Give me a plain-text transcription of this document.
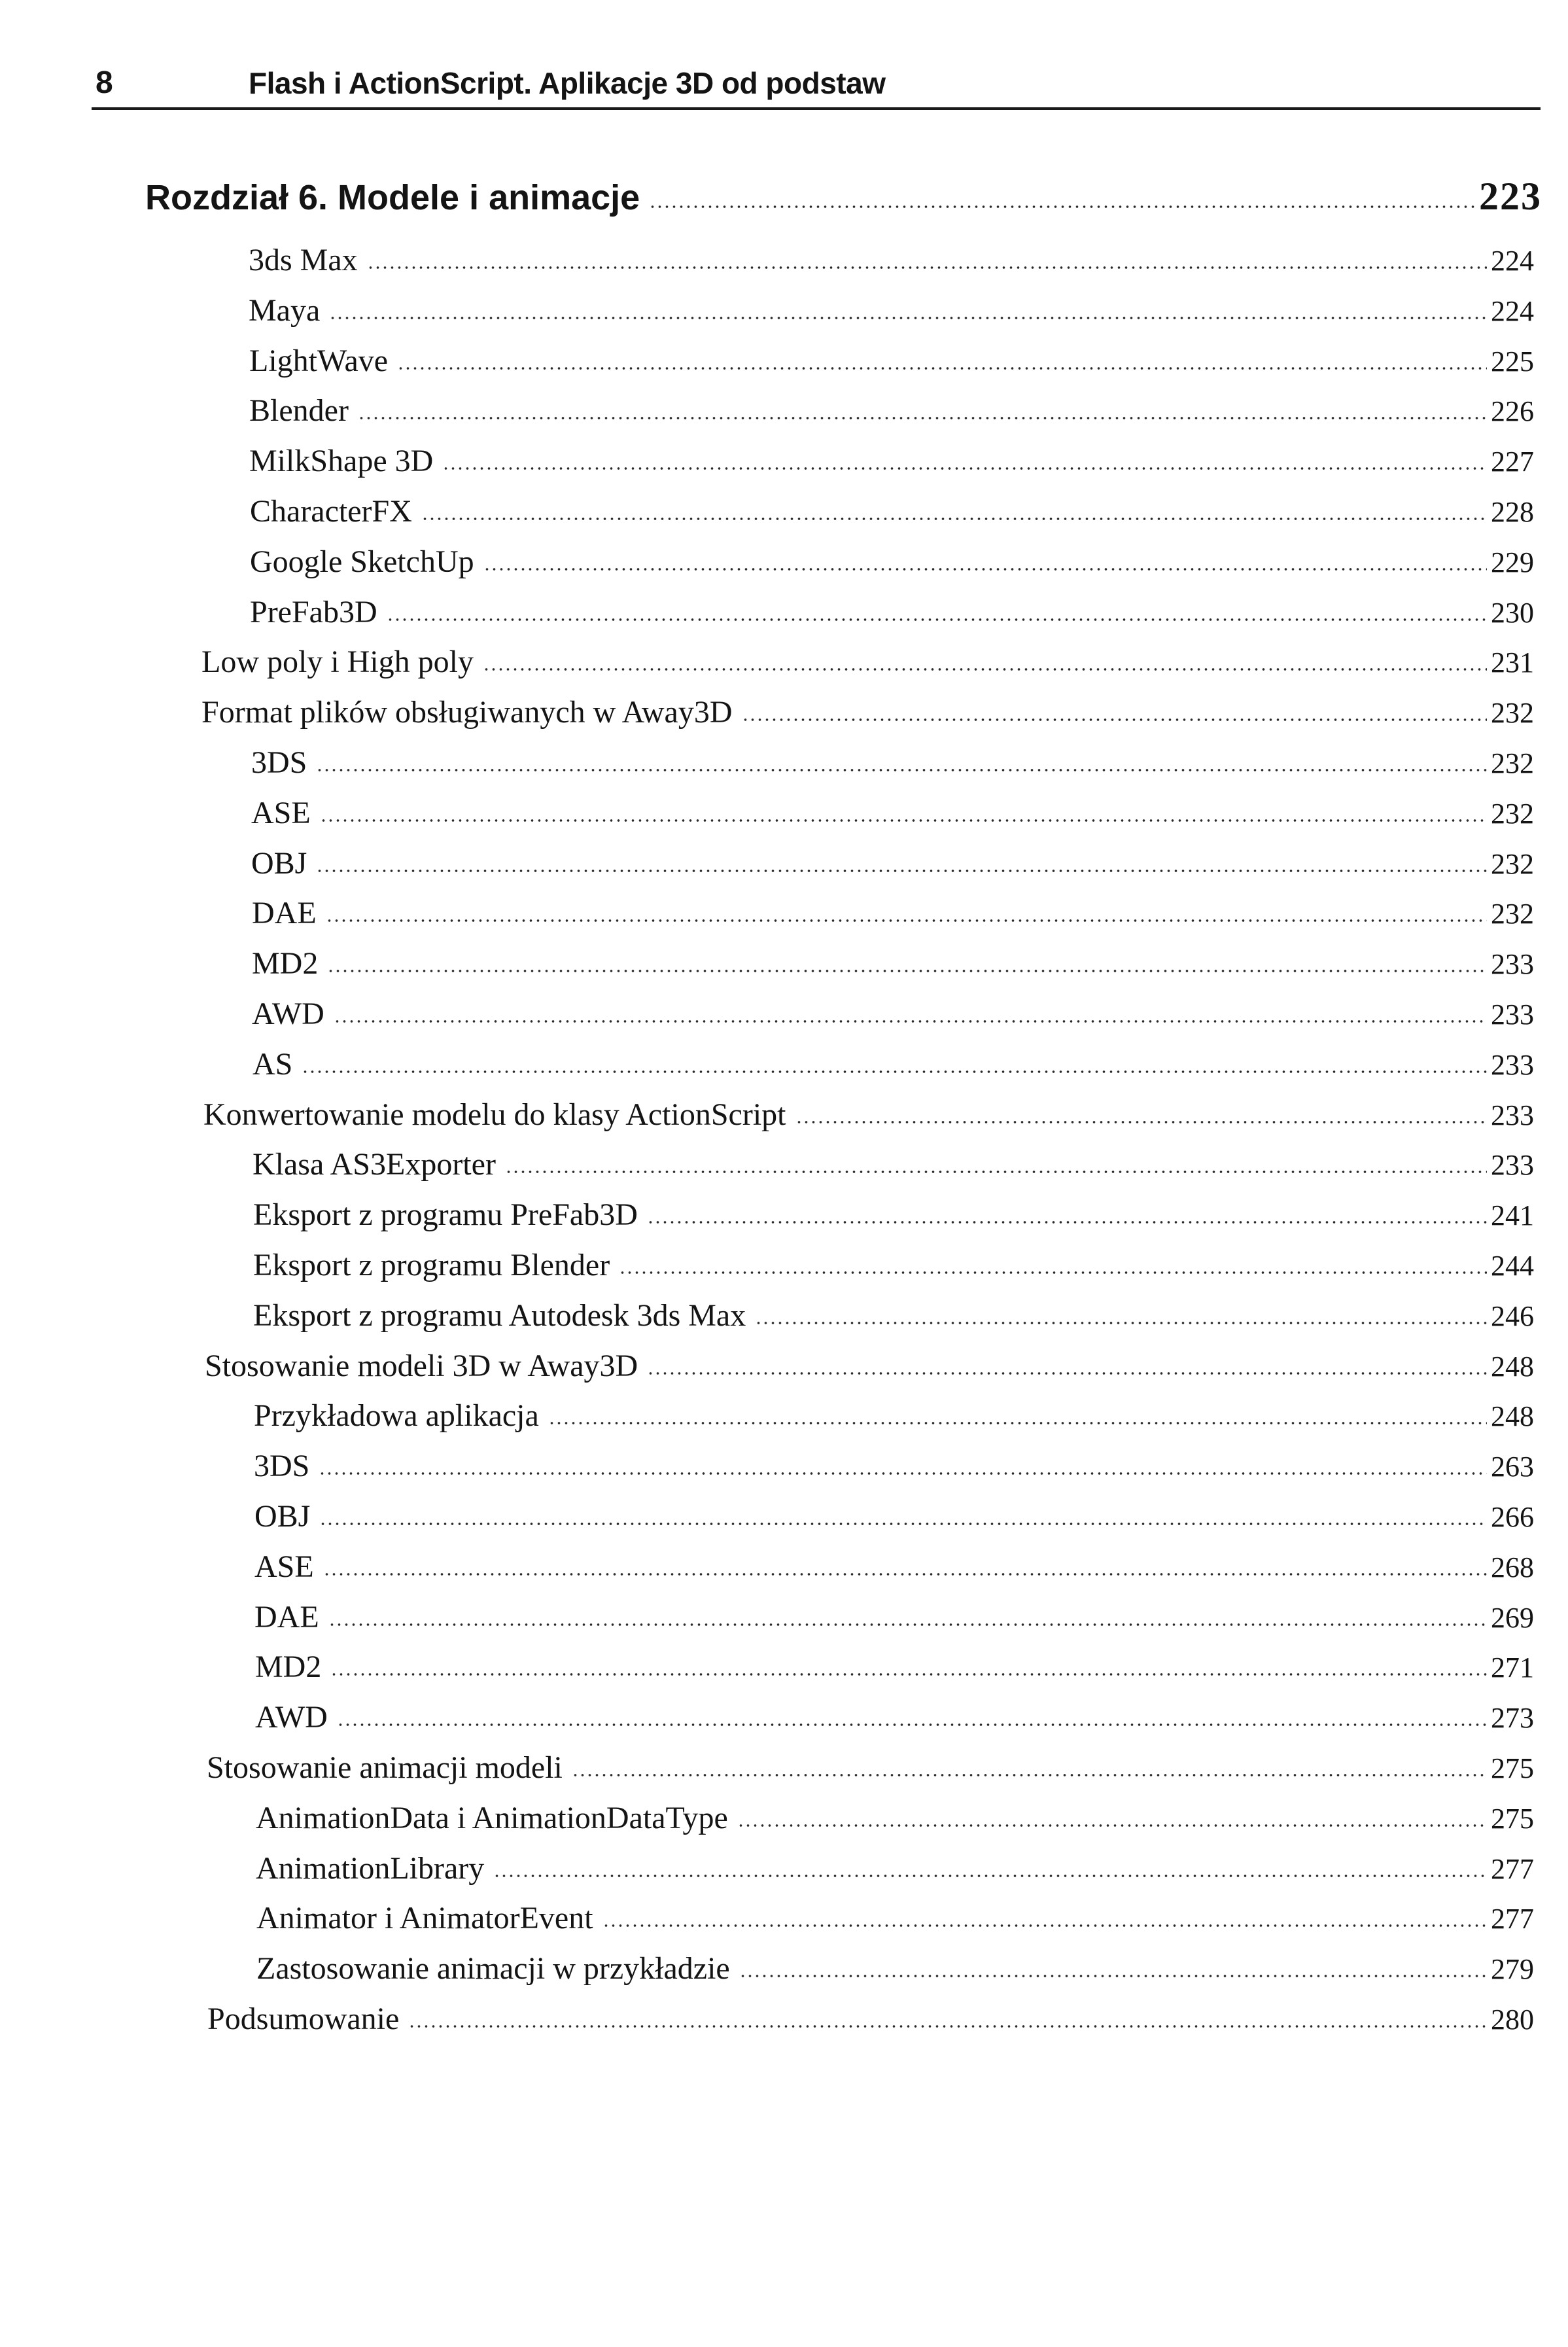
8	Flash i ActionScript. Aplikacje 3D od podstaw
Rozdział 6. Modele i animacje	223
3ds Max	224
Maya	224
LightWave	225
Blender	226
MilkShape 3D	227
CharacterFX	228
Google SketchUp	229
PreFab3D	230
Low poly i High poly	231
Format plików obsługiwanych w Away3D	232
3DS	232
ASE	232
OBJ	232
DAE	232
MD2	233
AWD	233
AS	233
Konwertowanie modelu do klasy ActionScript	233
Klasa AS3Exporter	233
Eksport z programu PreFab3D	241
Eksport z programu Blender	244
Eksport z programu Autodesk 3ds Max	246
Stosowanie modeli 3D w Away3D	248
Przykładowa aplikacja	248
3DS	263
OBJ	266
ASE	268
DAE	269
MD2	271
AWD	273
Stosowanie animacji modeli	275
AnimationData i AnimationDataType	275
AnimationLibrary	277
Animator i AnimatorEvent	277
Zastosowanie animacji w przykładzie	279
Podsumowanie	280
